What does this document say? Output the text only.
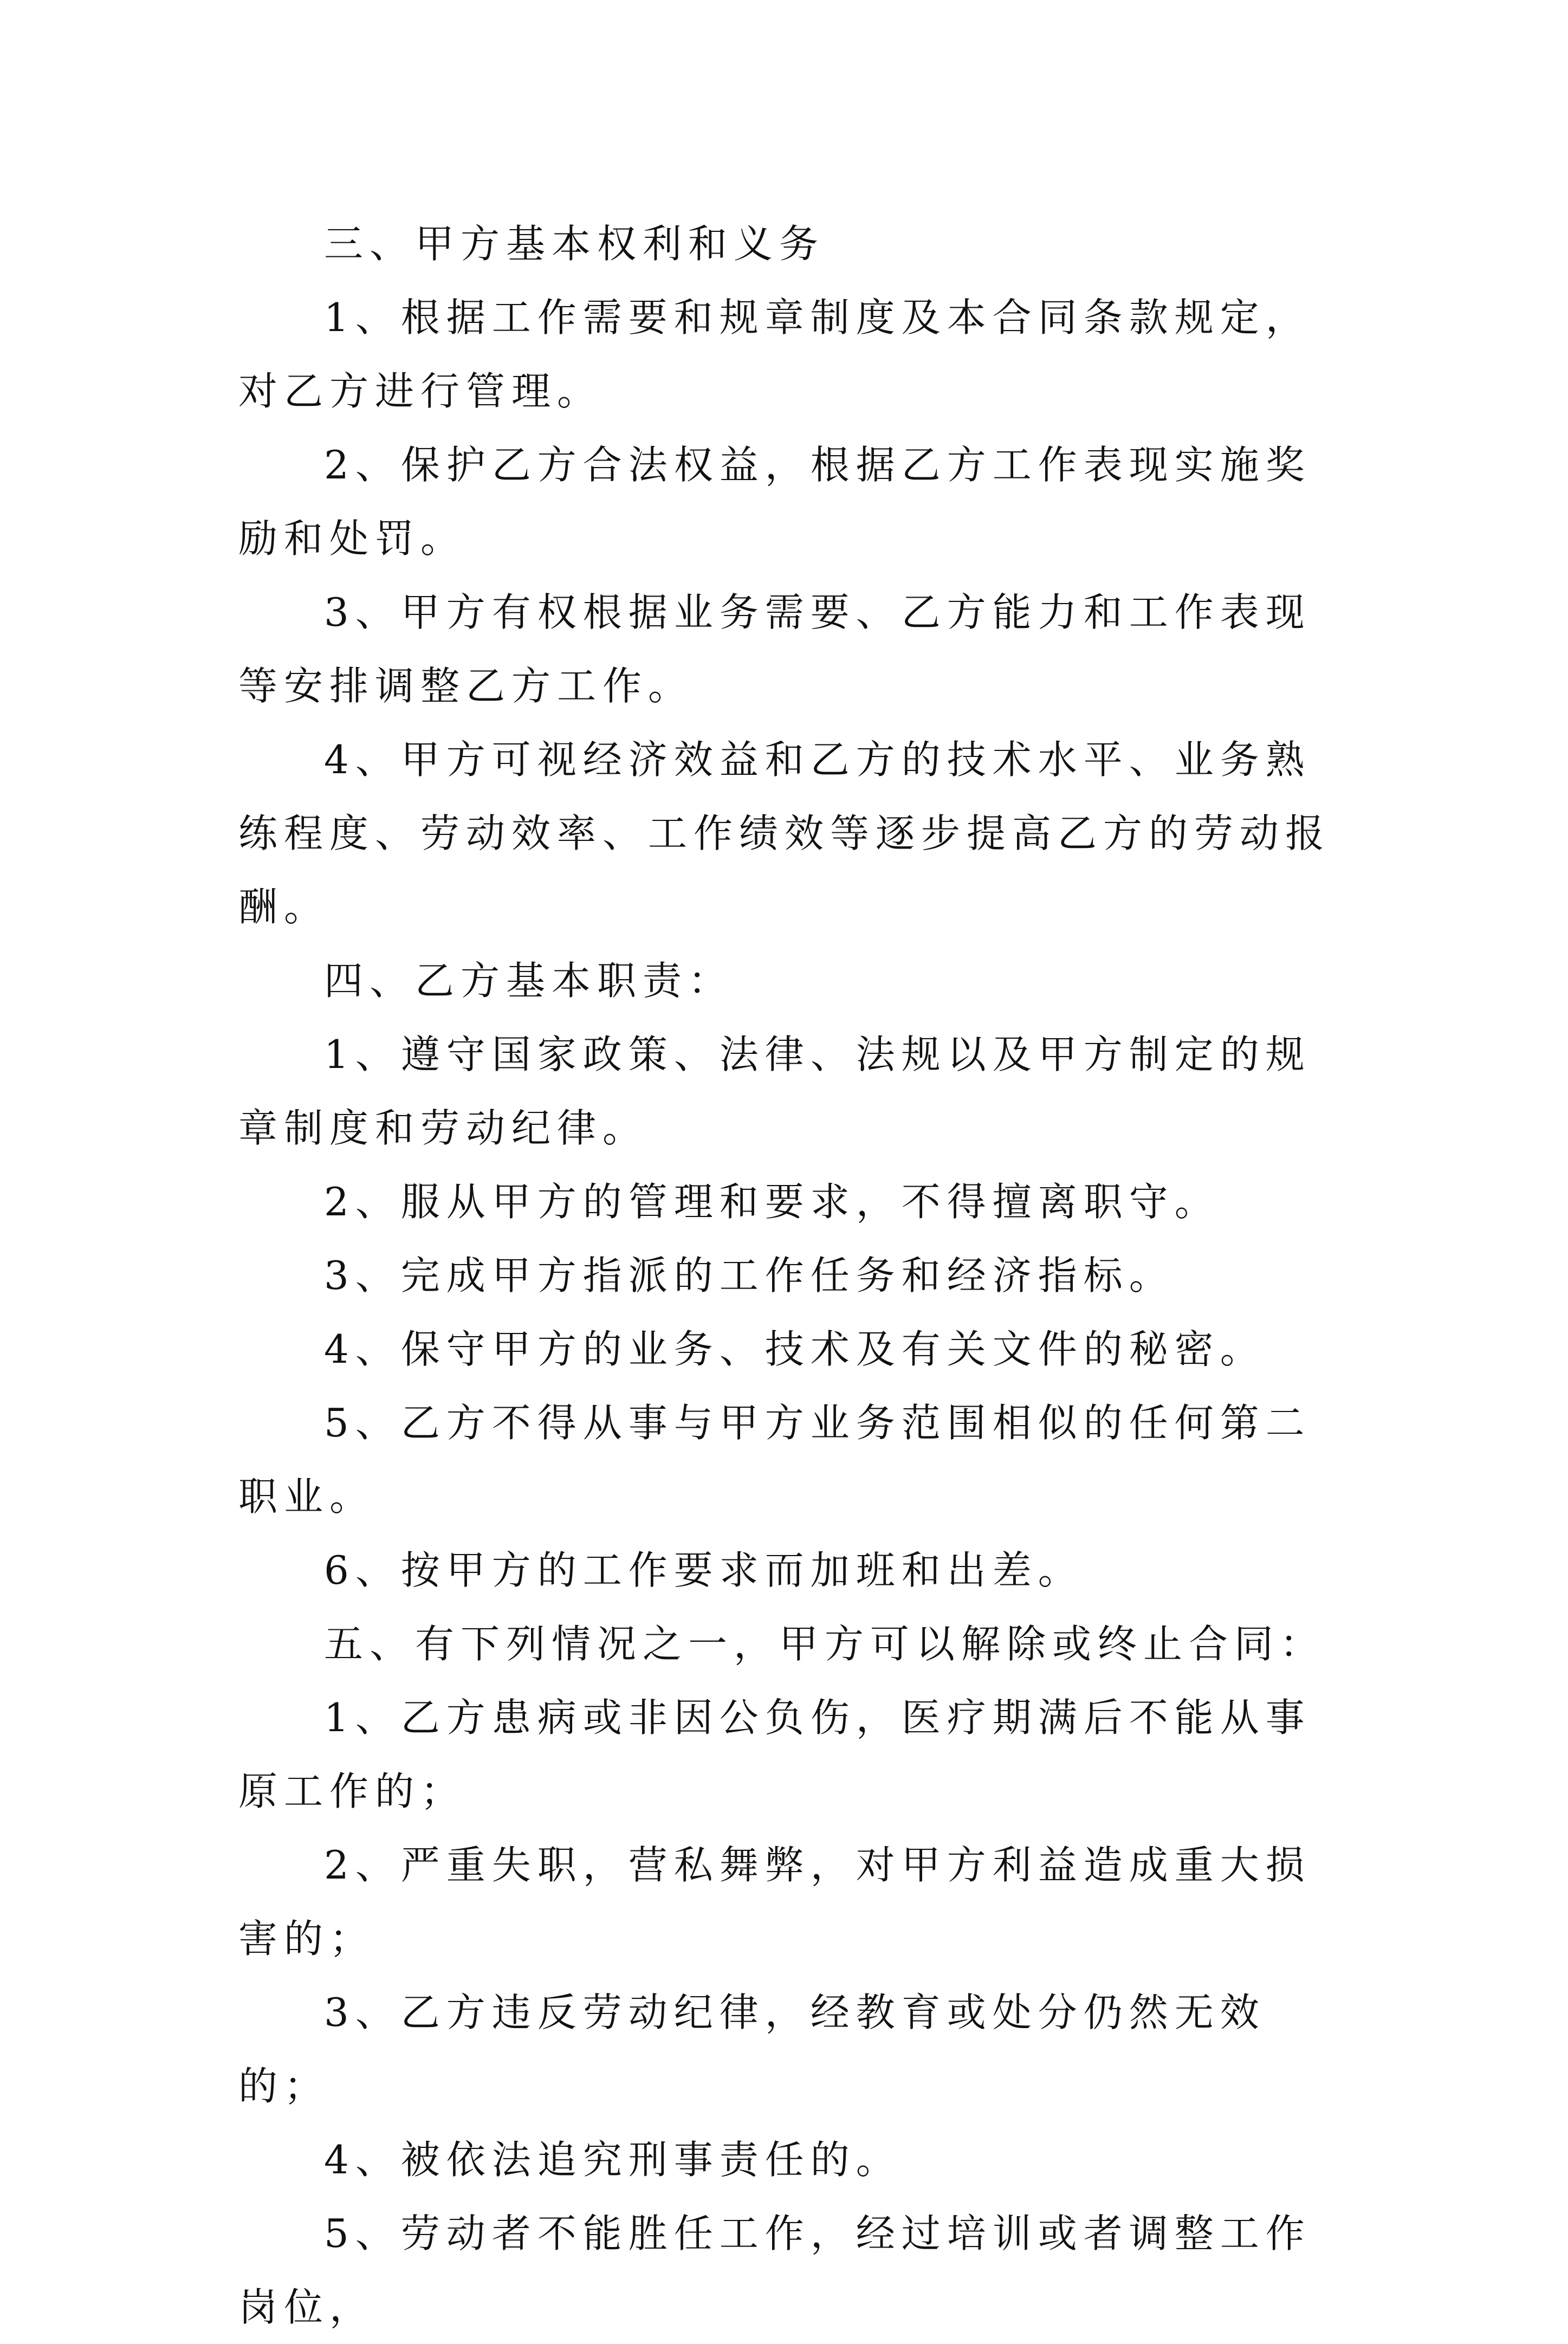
三、甲方基本权利和义务

1、根据工作需要和规章制度及本合同条款规定，对乙方进行管理。

2、保护乙方合法权益，根据乙方工作表现实施奖励和处罚。

3、甲方有权根据业务需要、乙方能力和工作表现等安排调整乙方工作。

4、甲方可视经济效益和乙方的技术水平、业务熟练程度、劳动效率、工作绩效等逐步提高乙方的劳动报酬。

四、乙方基本职责：

1、遵守国家政策、法律、法规以及甲方制定的规章制度和劳动纪律。

2、服从甲方的管理和要求，不得擅离职守。

3、完成甲方指派的工作任务和经济指标。

4、保守甲方的业务、技术及有关文件的秘密。

5、乙方不得从事与甲方业务范围相似的任何第二职业。

6、按甲方的工作要求而加班和出差。

五、有下列情况之一，甲方可以解除或终止合同：

1、乙方患病或非因公负伤，医疗期满后不能从事原工作的；

2、严重失职，营私舞弊，对甲方利益造成重大损害的；

3、乙方违反劳动纪律，经教育或处分仍然无效的；

4、被依法追究刑事责任的。

5、劳动者不能胜任工作，经过培训或者调整工作岗位，
